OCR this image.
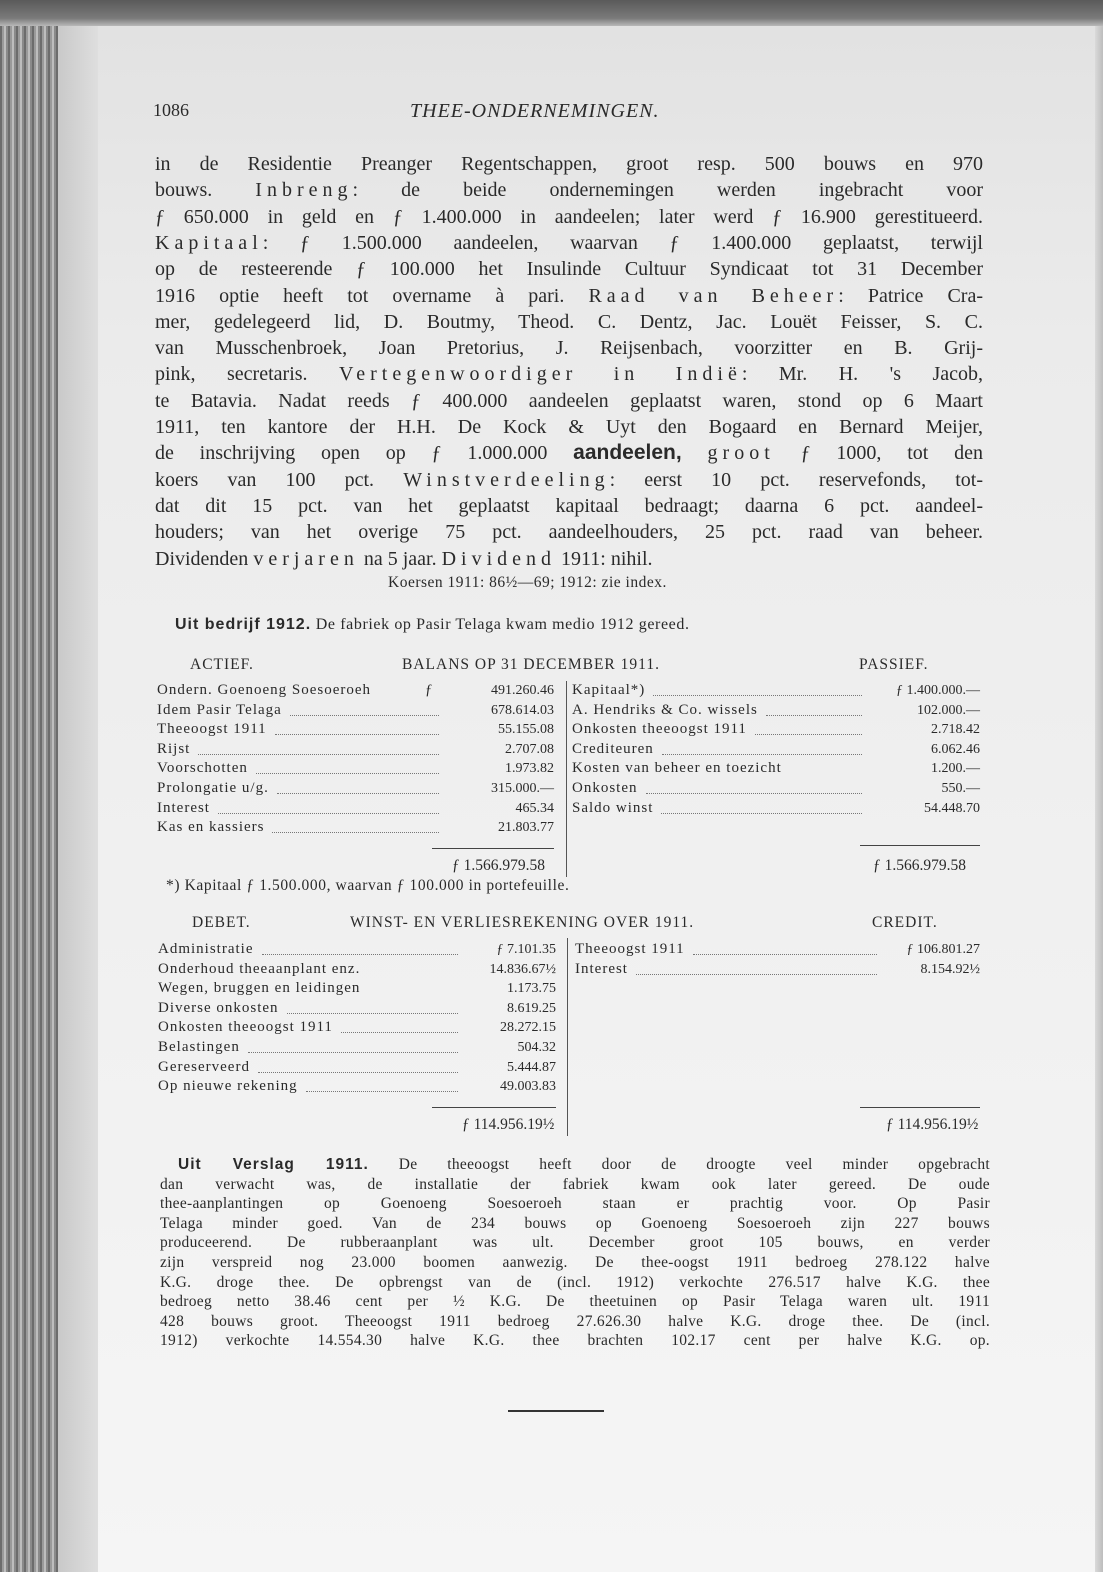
1086	THEE-ONDERNEMINGEN.
in de Residentie Preanger Regentschappen, groot resp. 500 bouws en 970
bouws. Inbreng: de beide ondernemingen werden ingebracht voor
ƒ 650.000 in geld en ƒ 1.400.000 in aandeelen; later werd ƒ 16.900 gerestitueerd.
Kapitaal: ƒ 1.500.000 aandeelen, waarvan ƒ 1.400.000 geplaatst, terwijl
op de resteerende ƒ 100.000 het Insulinde Cultuur Syndicaat tot 31 December
1916 optie heeft tot overname à pari. Raad van Beheer: Patrice Cra-
mer, gedelegeerd lid, D. Boutmy, Theod. C. Dentz, Jac. Louët Feisser, S. C.
van Musschenbroek, Joan Pretorius, J. Reijsenbach, voorzitter en B. Grij-
pink, secretaris. Vertegenwoordiger in Indië: Mr. H. 's Jacob,
te Batavia. Nadat reeds ƒ 400.000 aandeelen geplaatst waren, stond op 6 Maart
1911, ten kantore der H.H. De Kock & Uyt den Bogaard en Bernard Meijer,
de inschrijving open op ƒ 1.000.000 aandeelen, groot ƒ 1000, tot den
koers van 100 pct. Winstverdeeling: eerst 10 pct. reservefonds, tot-
dat dit 15 pct. van het geplaatst kapitaal bedraagt; daarna 6 pct. aandeel-
houders; van het overige 75 pct. aandeelhouders, 25 pct. raad van beheer.
Dividenden verjaren na 5 jaar. Dividend 1911: nihil.
Koersen 1911: 86½—69; 1912: zie index.
Uit bedrijf 1912. De fabriek op Pasir Telaga kwam medio 1912 gereed.
ACTIEF.	BALANS OP 31 DECEMBER 1911.	PASSIEF.
Ondern. Goenoeng Soesoeroeh	ƒ	491.260.46
Idem Pasir Telaga	678.614.03
Theeoogst 1911	55.155.08
Rijst	2.707.08
Voorschotten	1.973.82
Prolongatie u/g.	315.000.—
Interest	465.34
Kas en kassiers	21.803.77
Kapitaal*)	ƒ 1.400.000.—
A. Hendriks & Co. wissels	102.000.—
Onkosten theeoogst 1911	2.718.42
Crediteuren	6.062.46
Kosten van beheer en toezicht	1.200.—
Onkosten	550.—
Saldo winst	54.448.70
ƒ 1.566.979.58	ƒ 1.566.979.58
*) Kapitaal ƒ 1.500.000, waarvan ƒ 100.000 in portefeuille.
DEBET.	WINST- EN VERLIESREKENING OVER 1911.	CREDIT.
Administratie	ƒ 7.101.35
Onderhoud theeaanplant enz.	14.836.67½
Wegen, bruggen en leidingen	1.173.75
Diverse onkosten	8.619.25
Onkosten theeoogst 1911	28.272.15
Belastingen	504.32
Gereserveerd	5.444.87
Op nieuwe rekening	49.003.83
Theeoogst 1911	ƒ 106.801.27
Interest	8.154.92½
ƒ 114.956.19½	ƒ 114.956.19½
Uit Verslag 1911. De theeoogst heeft door de droogte veel minder opgebracht
dan verwacht was, de installatie der fabriek kwam ook later gereed. De oude
thee-aanplantingen op Goenoeng Soesoeroeh staan er prachtig voor. Op Pasir
Telaga minder goed. Van de 234 bouws op Goenoeng Soesoeroeh zijn 227 bouws
produceerend. De rubberaanplant was ult. December groot 105 bouws, en verder
zijn verspreid nog 23.000 boomen aanwezig. De thee-oogst 1911 bedroeg 278.122 halve
K.G. droge thee. De opbrengst van de (incl. 1912) verkochte 276.517 halve K.G. thee
bedroeg netto 38.46 cent per ½ K.G. De theetuinen op Pasir Telaga waren ult. 1911
428 bouws groot. Theeoogst 1911 bedroeg 27.626.30 halve K.G. droge thee. De (incl.
1912) verkochte 14.554.30 halve K.G. thee brachten 102.17 cent per halve K.G. op.
